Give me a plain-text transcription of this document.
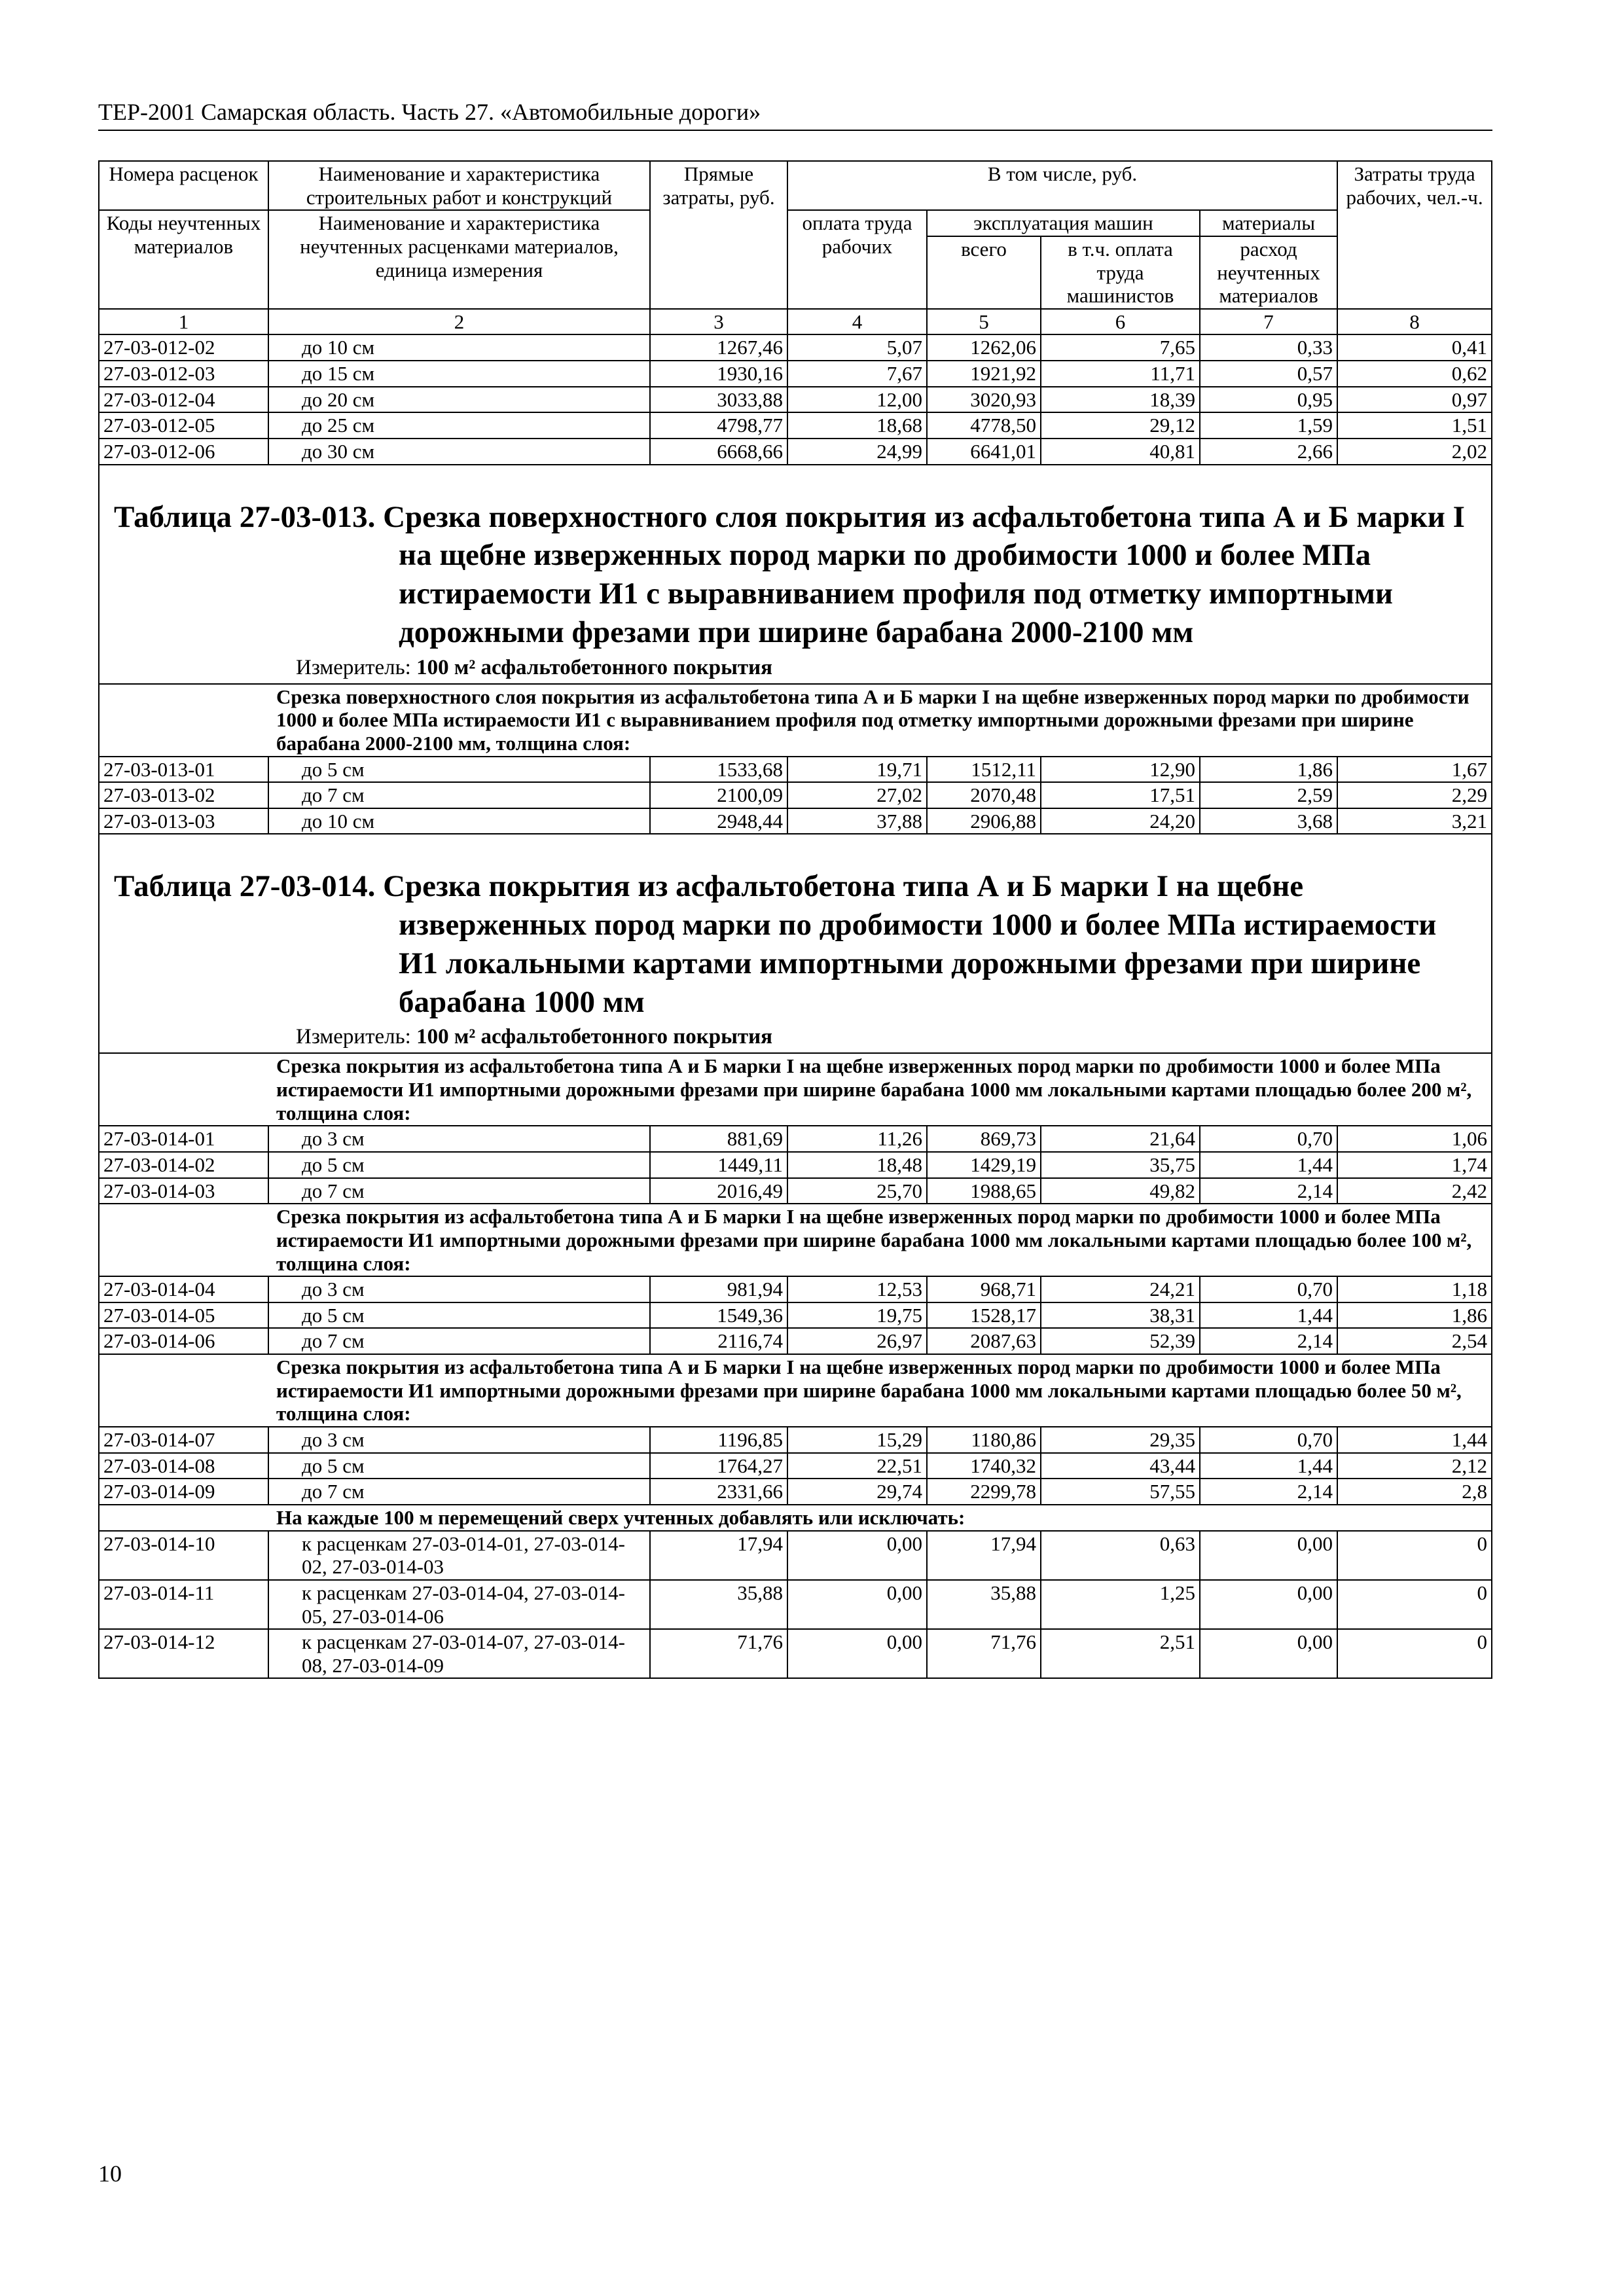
ТЕР-2001 Самарская область. Часть 27. «Автомобильные дороги»
Номера расценок	Наименование и характеристика строительных работ и конструкций	Прямые затраты, руб.	В том числе, руб.				Затраты труда рабочих, чел.-ч.
Коды неучтенных материалов	Наименование и характеристика неучтенных расценками материалов, единица измерения		оплата труда рабочих	эксплуатация машин		материалы	
				всего	в т.ч. оплата труда машинистов	расход неучтенных материалов	
1	2	3	4	5	6	7	8
27-03-012-02	до 10 см	1267,46	5,07	1262,06	7,65	0,33	0,41
27-03-012-03	до 15 см	1930,16	7,67	1921,92	11,71	0,57	0,62
27-03-012-04	до 20 см	3033,88	12,00	3020,93	18,39	0,95	0,97
27-03-012-05	до 25 см	4798,77	18,68	4778,50	29,12	1,59	1,51
27-03-012-06	до 30 см	6668,66	24,99	6641,01	40,81	2,66	2,02

Таблица 27-03-013. Срезка поверхностного слоя покрытия из асфальтобетона типа А и Б марки I на щебне изверженных пород марки по дробимости 1000 и более МПа истираемости И1 с выравниванием профиля под отметку импортными дорожными фрезами при ширине барабана 2000-2100 мм
Измеритель: 100 м² асфальтобетонного покрытия							

Срезка поверхностного слоя покрытия из асфальтобетона типа А и Б марки I на щебне изверженных пород марки по дробимости 1000 и более МПа истираемости И1 с выравниванием профиля под отметку импортными дорожными фрезами при ширине барабана 2000-2100 мм, толщина слоя:							
27-03-013-01	до 5 см	1533,68	19,71	1512,11	12,90	1,86	1,67
27-03-013-02	до 7 см	2100,09	27,02	2070,48	17,51	2,59	2,29
27-03-013-03	до 10 см	2948,44	37,88	2906,88	24,20	3,68	3,21

Таблица 27-03-014. Срезка покрытия из асфальтобетона типа А и Б марки I на щебне изверженных пород марки по дробимости 1000 и более МПа истираемости И1 локальными картами импортными дорожными фрезами при ширине барабана 1000 мм
Измеритель: 100 м² асфальтобетонного покрытия							

Срезка покрытия из асфальтобетона типа А и Б марки I на щебне изверженных пород марки по дробимости 1000 и более МПа истираемости И1 импортными дорожными фрезами при ширине барабана 1000 мм локальными картами площадью более 200 м², толщина слоя:							
27-03-014-01	до 3 см	881,69	11,26	869,73	21,64	0,70	1,06
27-03-014-02	до 5 см	1449,11	18,48	1429,19	35,75	1,44	1,74
27-03-014-03	до 7 см	2016,49	25,70	1988,65	49,82	2,14	2,42
Срезка покрытия из асфальтобетона типа А и Б марки I на щебне изверженных пород марки по дробимости 1000 и более МПа истираемости И1 импортными дорожными фрезами при ширине барабана 1000 мм локальными картами площадью более 100 м², толщина слоя:							
27-03-014-04	до 3 см	981,94	12,53	968,71	24,21	0,70	1,18
27-03-014-05	до 5 см	1549,36	19,75	1528,17	38,31	1,44	1,86
27-03-014-06	до 7 см	2116,74	26,97	2087,63	52,39	2,14	2,54
Срезка покрытия из асфальтобетона типа А и Б марки I на щебне изверженных пород марки по дробимости 1000 и более МПа истираемости И1 импортными дорожными фрезами при ширине барабана 1000 мм локальными картами площадью более 50 м², толщина слоя:							
27-03-014-07	до 3 см	1196,85	15,29	1180,86	29,35	0,70	1,44
27-03-014-08	до 5 см	1764,27	22,51	1740,32	43,44	1,44	2,12
27-03-014-09	до 7 см	2331,66	29,74	2299,78	57,55	2,14	2,8
На каждые 100 м перемещений сверх учтенных добавлять или исключать:							
27-03-014-10	к расценкам 27-03-014-01, 27-03-014-02, 27-03-014-03	17,94	0,00	17,94	0,63	0,00	0
27-03-014-11	к расценкам 27-03-014-04, 27-03-014-05, 27-03-014-06	35,88	0,00	35,88	1,25	0,00	0
27-03-014-12	к расценкам 27-03-014-07, 27-03-014-08, 27-03-014-09	71,76	0,00	71,76	2,51	0,00	0
10
